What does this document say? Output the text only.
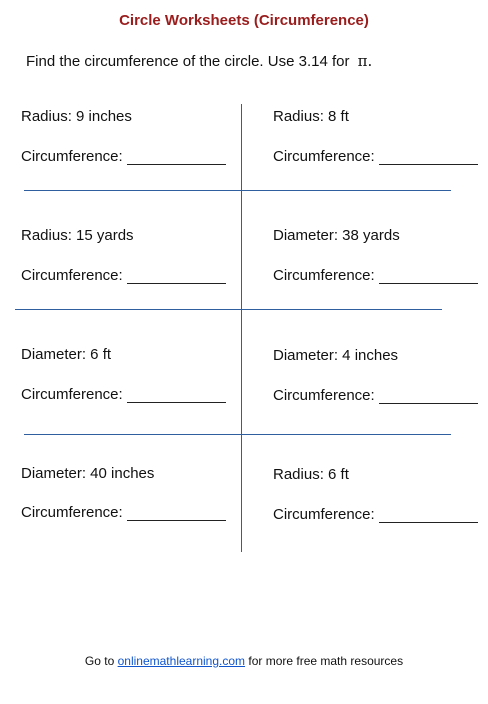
Circle Worksheets (Circumference)
Find the circumference of the circle. Use 3.14 for π.
Radius: 9 inches
Circumference:
Radius: 8 ft
Circumference:
Radius: 15 yards
Circumference:
Diameter: 38 yards
Circumference:
Diameter: 6 ft
Circumference:
Diameter: 4 inches
Circumference:
Diameter: 40 inches
Circumference:
Radius: 6 ft
Circumference:
Go to onlinemathlearning.com for more free math resources
